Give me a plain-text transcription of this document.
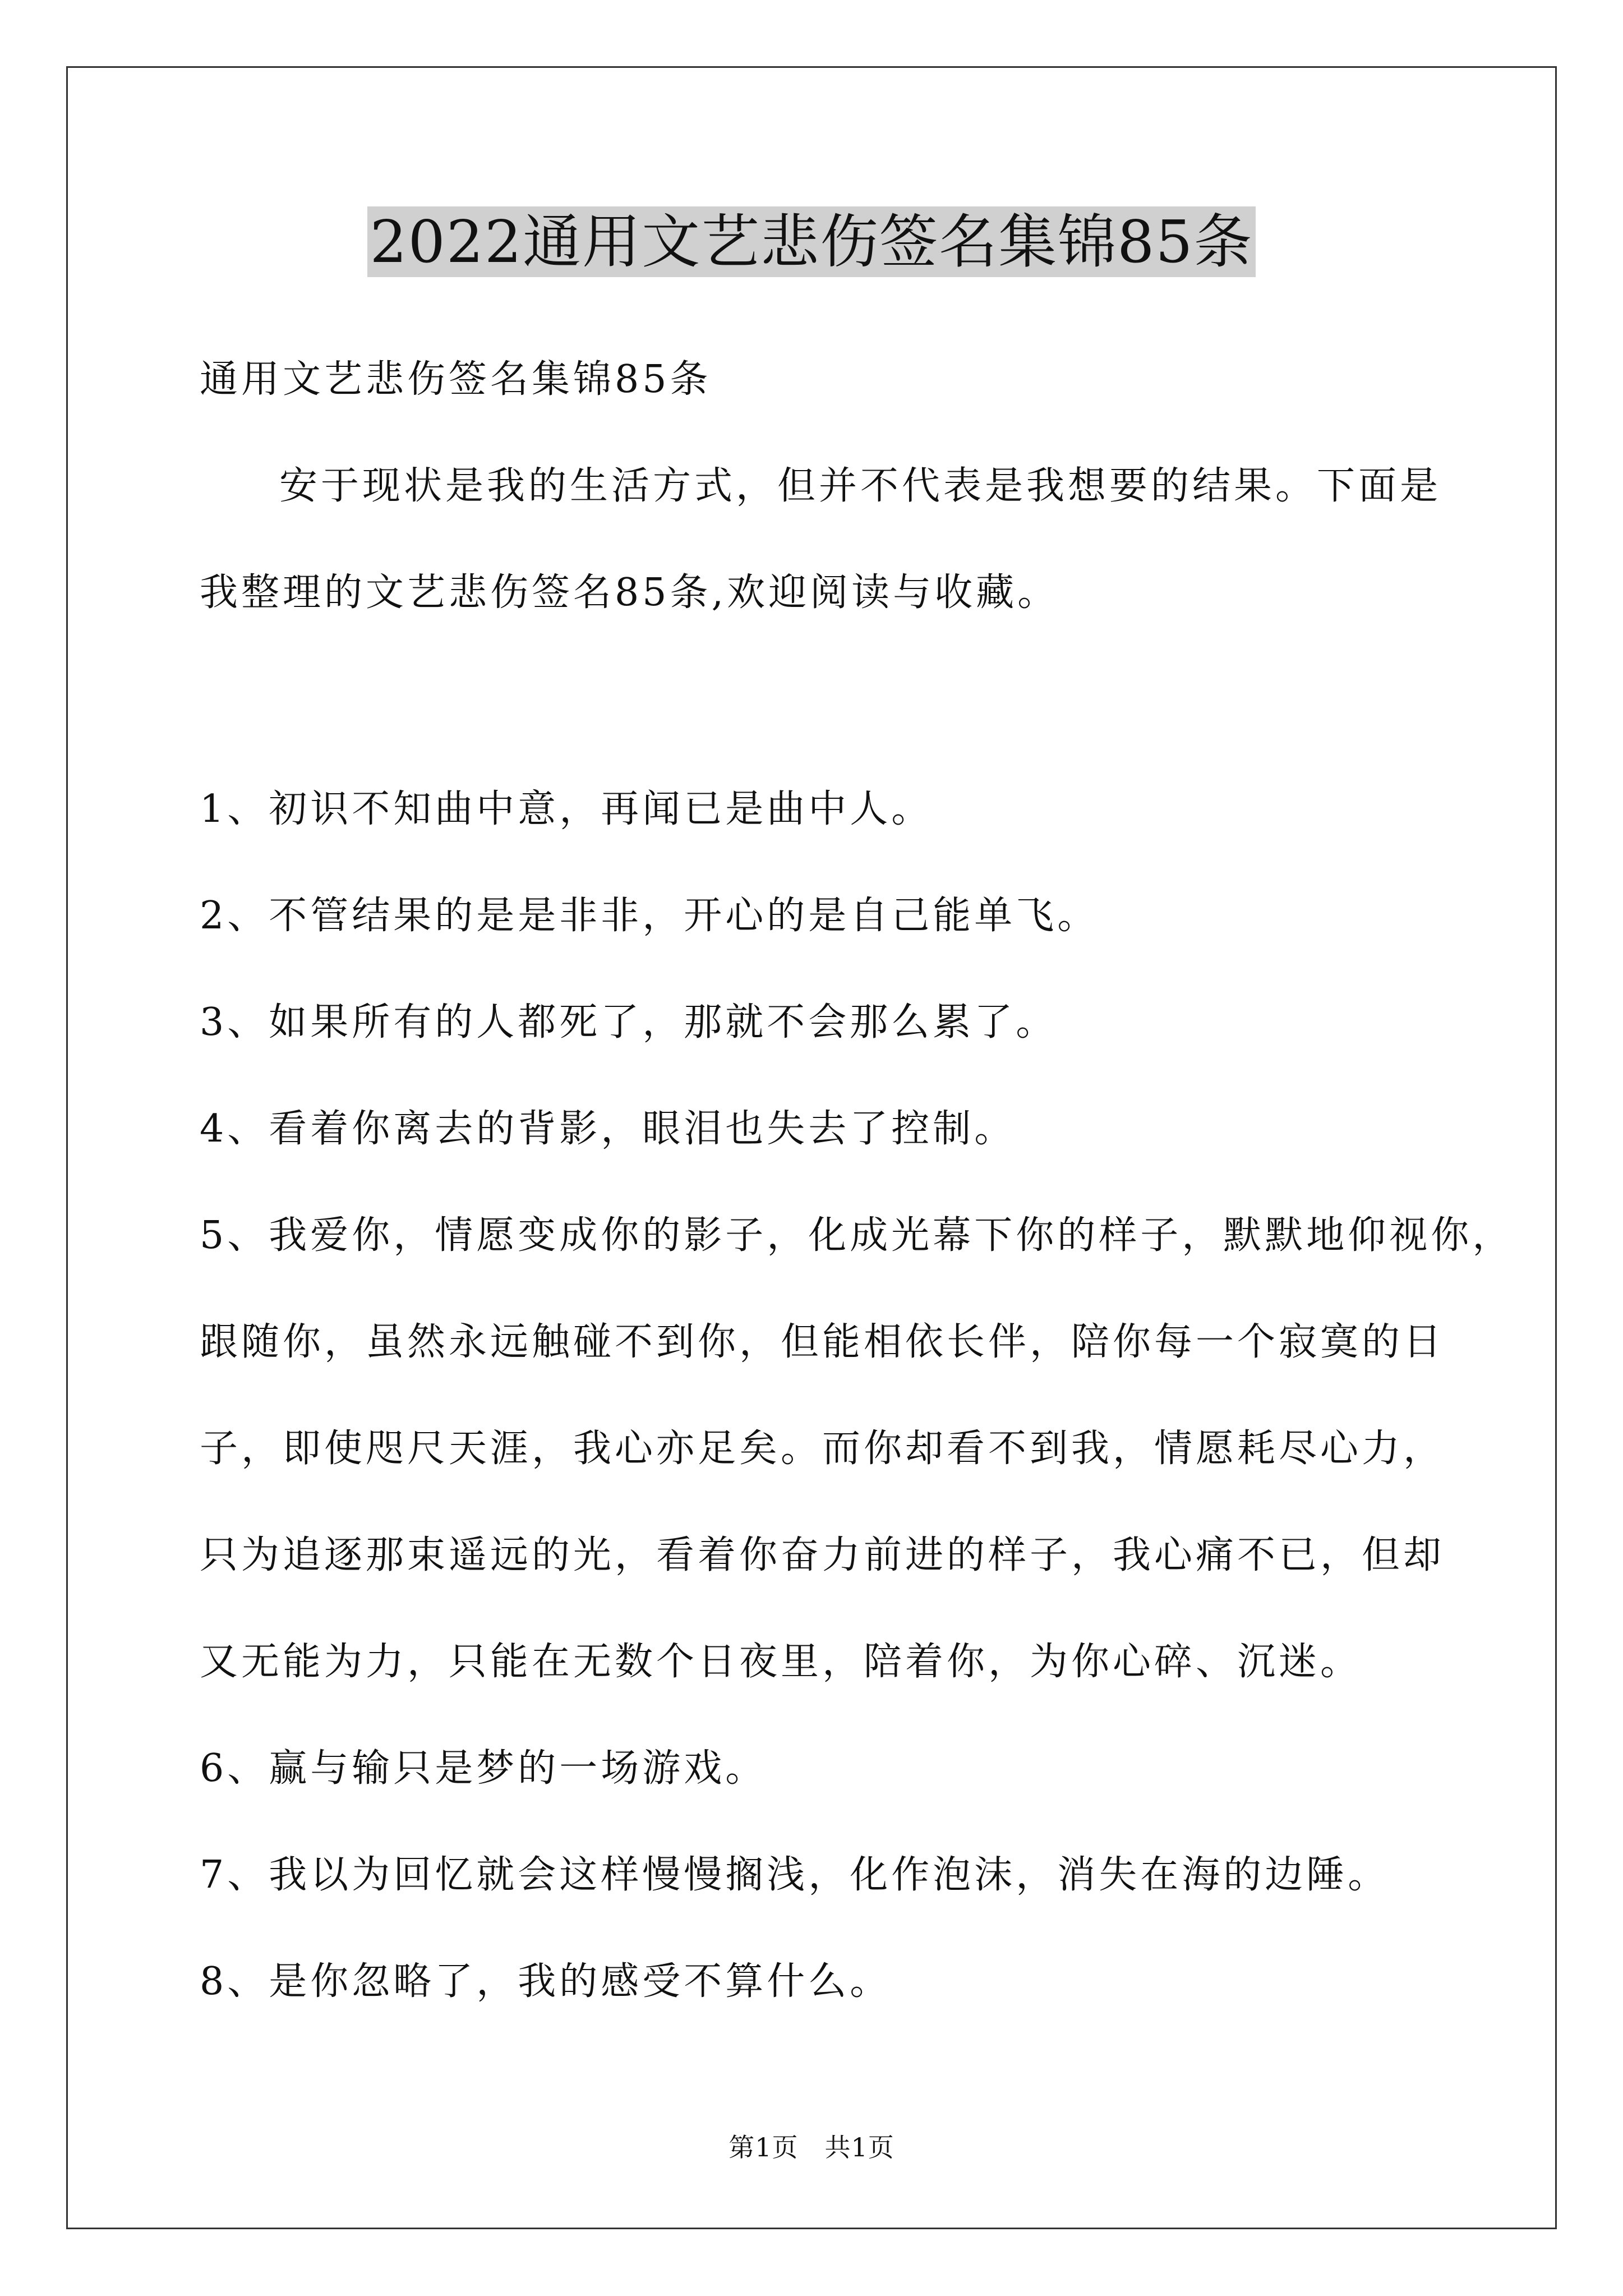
2022通用文艺悲伤签名集锦85条
通用文艺悲伤签名集锦85条
安于现状是我的生活方式，但并不代表是我想要的结果。下面是
我整理的文艺悲伤签名85条,欢迎阅读与收藏。
1、初识不知曲中意，再闻已是曲中人。
2、不管结果的是是非非，开心的是自己能单飞。
3、如果所有的人都死了，那就不会那么累了。
4、看着你离去的背影，眼泪也失去了控制。
5、我爱你，情愿变成你的影子，化成光幕下你的样子，默默地仰视你，
跟随你，虽然永远触碰不到你，但能相依长伴，陪你每一个寂寞的日
子，即使咫尺天涯，我心亦足矣。而你却看不到我，情愿耗尽心力，
只为追逐那束遥远的光，看着你奋力前进的样子，我心痛不已，但却
又无能为力，只能在无数个日夜里，陪着你，为你心碎、沉迷。
6、赢与输只是梦的一场游戏。
7、我以为回忆就会这样慢慢搁浅，化作泡沫，消失在海的边陲。
8、是你忽略了，我的感受不算什么。
第1页　共1页
